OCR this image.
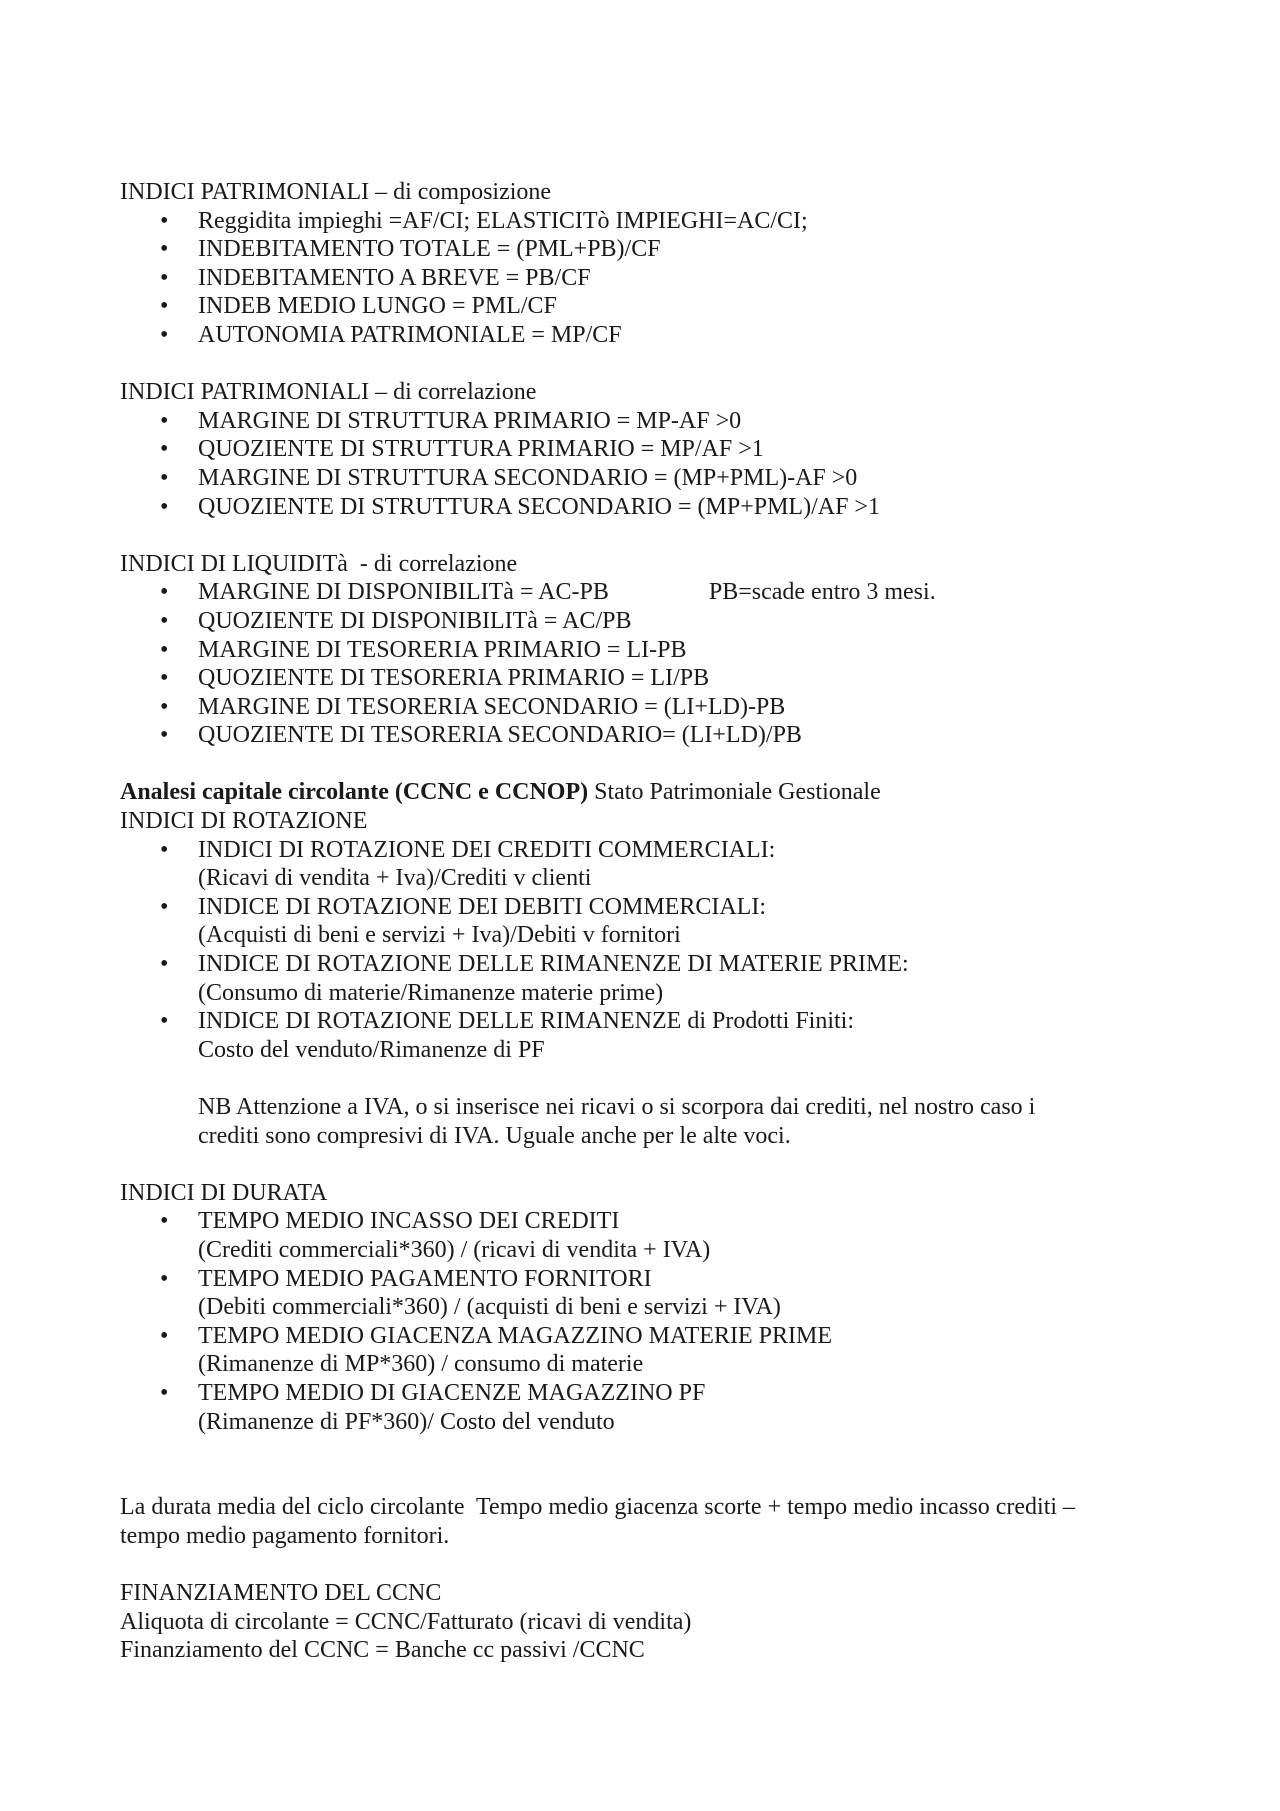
INDICI PATRIMONIALI – di composizione
• Reggidita impieghi =AF/CI; ELASTICITò IMPIEGHI=AC/CI;
• INDEBITAMENTO TOTALE = (PML+PB)/CF
• INDEBITAMENTO A BREVE = PB/CF
• INDEB MEDIO LUNGO = PML/CF
• AUTONOMIA PATRIMONIALE = MP/CF
INDICI PATRIMONIALI – di correlazione
• MARGINE DI STRUTTURA PRIMARIO = MP-AF >0
• QUOZIENTE DI STRUTTURA PRIMARIO = MP/AF >1
• MARGINE DI STRUTTURA SECONDARIO = (MP+PML)-AF >0
• QUOZIENTE DI STRUTTURA SECONDARIO = (MP+PML)/AF >1
INDICI DI LIQUIDITà  - di correlazione
• MARGINE DI DISPONIBILITà = AC-PB	PB=scade entro 3 mesi.
• QUOZIENTE DI DISPONIBILITà = AC/PB
• MARGINE DI TESORERIA PRIMARIO = LI-PB
• QUOZIENTE DI TESORERIA PRIMARIO = LI/PB
• MARGINE DI TESORERIA SECONDARIO = (LI+LD)-PB
• QUOZIENTE DI TESORERIA SECONDARIO= (LI+LD)/PB
Analesi capitale circolante (CCNC e CCNOP) Stato Patrimoniale Gestionale
INDICI DI ROTAZIONE
• INDICI DI ROTAZIONE DEI CREDITI COMMERCIALI:
(Ricavi di vendita + Iva)/Crediti v clienti
• INDICE DI ROTAZIONE DEI DEBITI COMMERCIALI:
(Acquisti di beni e servizi + Iva)/Debiti v fornitori
• INDICE DI ROTAZIONE DELLE RIMANENZE DI MATERIE PRIME:
(Consumo di materie/Rimanenze materie prime)
• INDICE DI ROTAZIONE DELLE RIMANENZE di Prodotti Finiti:
Costo del venduto/Rimanenze di PF
NB Attenzione a IVA, o si inserisce nei ricavi o si scorpora dai crediti, nel nostro caso i
crediti sono compresivi di IVA. Uguale anche per le alte voci.
INDICI DI DURATA
• TEMPO MEDIO INCASSO DEI CREDITI
(Crediti commerciali*360) / (ricavi di vendita + IVA)
• TEMPO MEDIO PAGAMENTO FORNITORI
(Debiti commerciali*360) / (acquisti di beni e servizi + IVA)
• TEMPO MEDIO GIACENZA MAGAZZINO MATERIE PRIME
(Rimanenze di MP*360) / consumo di materie
• TEMPO MEDIO DI GIACENZE MAGAZZINO PF
(Rimanenze di PF*360)/ Costo del venduto
La durata media del ciclo circolante  Tempo medio giacenza scorte + tempo medio incasso crediti –
tempo medio pagamento fornitori.
FINANZIAMENTO DEL CCNC
Aliquota di circolante = CCNC/Fatturato (ricavi di vendita)
Finanziamento del CCNC = Banche cc passivi /CCNC
